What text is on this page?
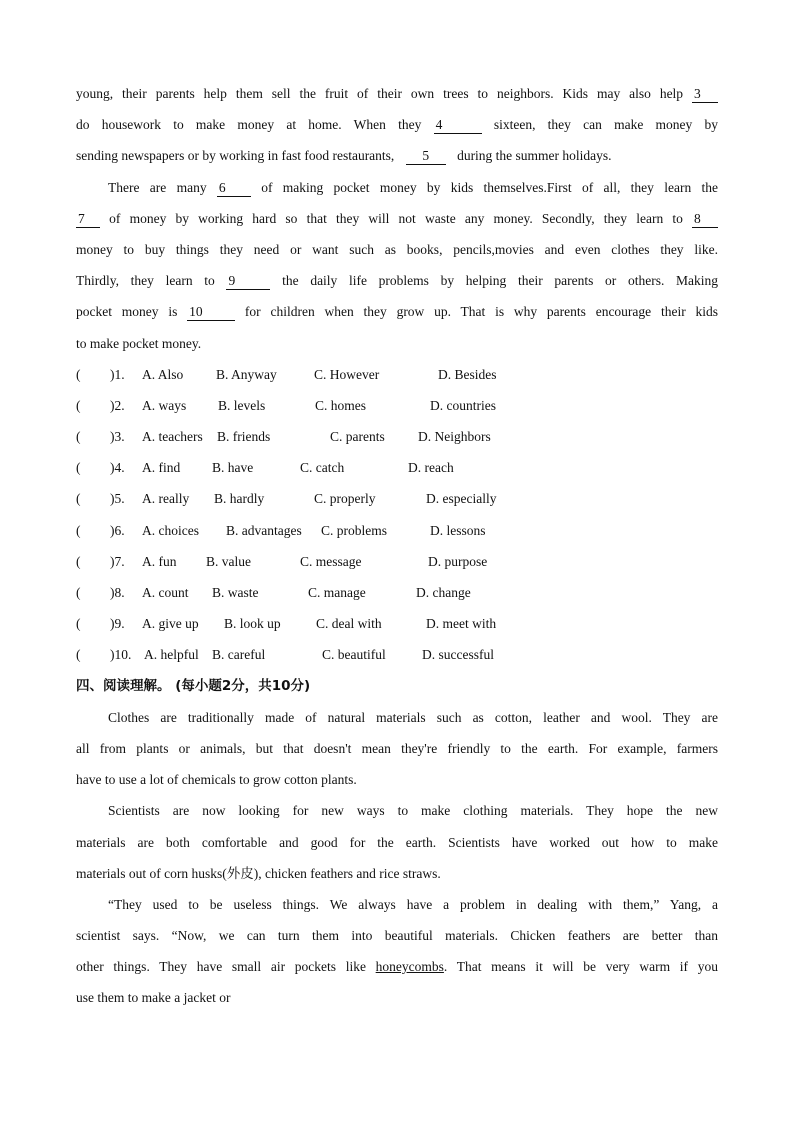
young, their parents help them sell the fruit of their own trees to neighbors. Kids may also help 3
do housework to make money at home. When they 4	sixteen, they can make money by
sending newspapers or by working in fast food restaurants, 5 during the summer holidays.
There are many 6	of making pocket money by kids themselves.First of all, they learn the
7 of money by working hard so that they will not waste any money. Secondly, they learn to 8
money to buy things they need or want such as books, pencils,movies and even clothes they like.
Thirdly, they learn to 9	the daily life problems by helping their parents or others. Making
pocket money is 10	for children when they grow up. That is why parents encourage their kids
to make pocket money.
(	)1.	A. Also	B. Anyway	C. However	D. Besides
(	)2.	A. ways	B. levels	C. homes	D. countries
(	)3.	A. teachers	B. friends	C. parents	D. Neighbors
(	)4.	A. find	B. have	C. catch	D. reach
(	)5.	A. really	B. hardly	C. properly	D. especially
(	)6.	A. choices	B. advantages	C. problems	D. lessons
(	)7.	A. fun	B. value	C. message	D. purpose
(	)8.	A. count	B. waste	C. manage	D. change
(	)9.	A. give up	B. look up	C. deal with	D. meet with
(	)10. A. helpful B. careful	C. beautiful	D. successful
四、阅读理解。 (每小题2分，共10分)
Clothes are traditionally made of natural materials such as cotton, leather and wool. They are
all from plants or animals, but that doesn't mean they're friendly to the earth. For example, farmers
have to use a lot of chemicals to grow cotton plants.
Scientists are now looking for new ways to make clothing materials. They hope the new
materials are both comfortable and good for the earth. Scientists have worked out how to make
materials out of corn husks(外皮), chicken feathers and rice straws.
“They used to be useless things. We always have a problem in dealing with them,” Yang, a
scientist says. “Now, we can turn them into beautiful materials. Chicken feathers are better than
other things. They have small air pockets like honeycombs. That means it will be very warm if you
use them to make a jacket or
